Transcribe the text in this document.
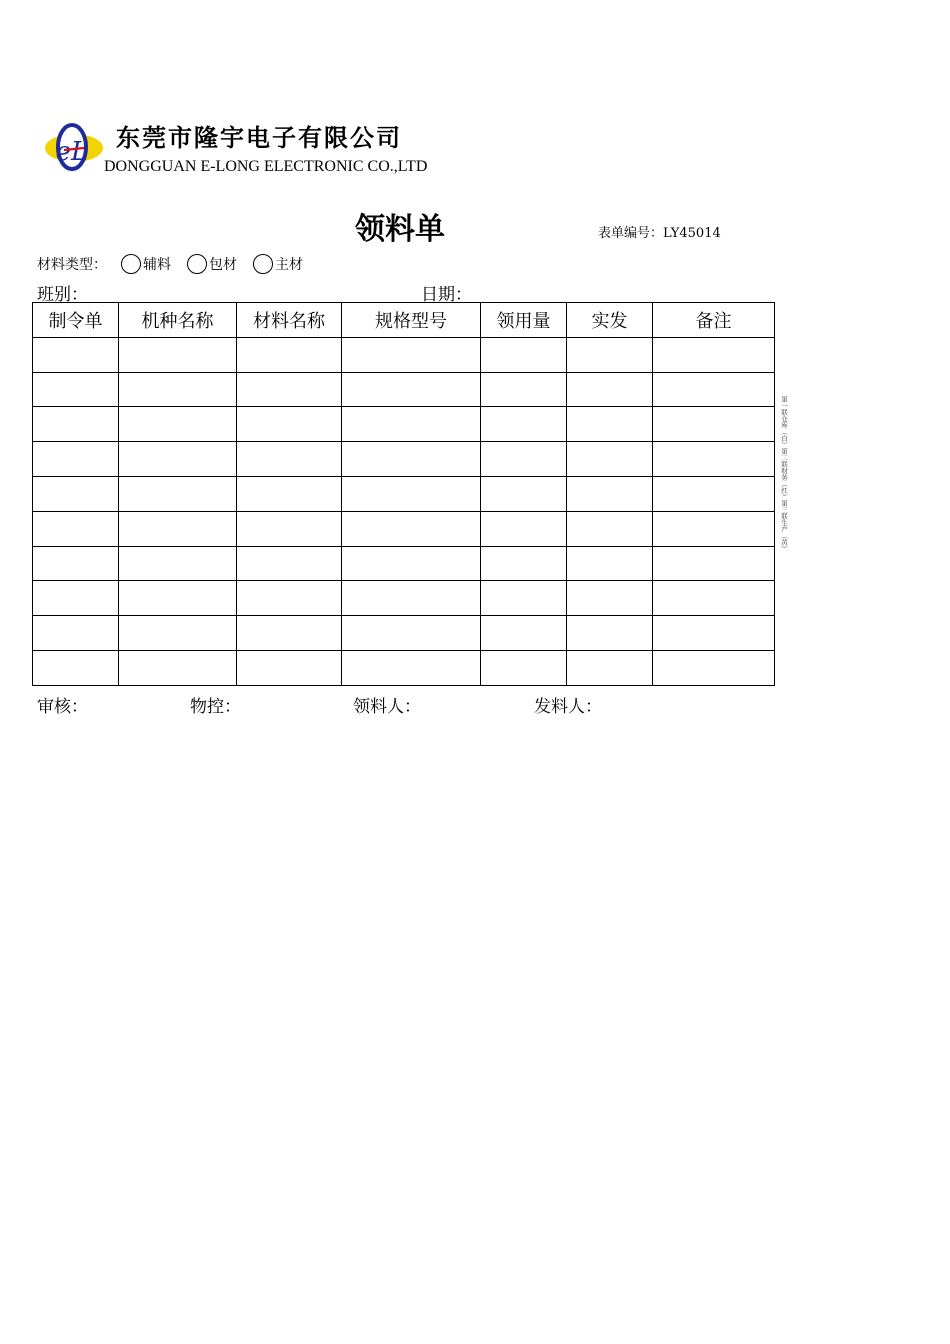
eL 东莞市隆宇电子有限公司
DONGGUAN E-LONG ELECTRONIC CO.,LTD
领料单	表单编号：LY45014
材料类型：	辅料	包材	主材
班别：	日期：
制令单	机种名称	材料名称	规格型号	领用量	实发	备注

第一联仓库（白）第二联财务（红）第三联生产（黄）
审核：	物控：	领料人：	发料人：
